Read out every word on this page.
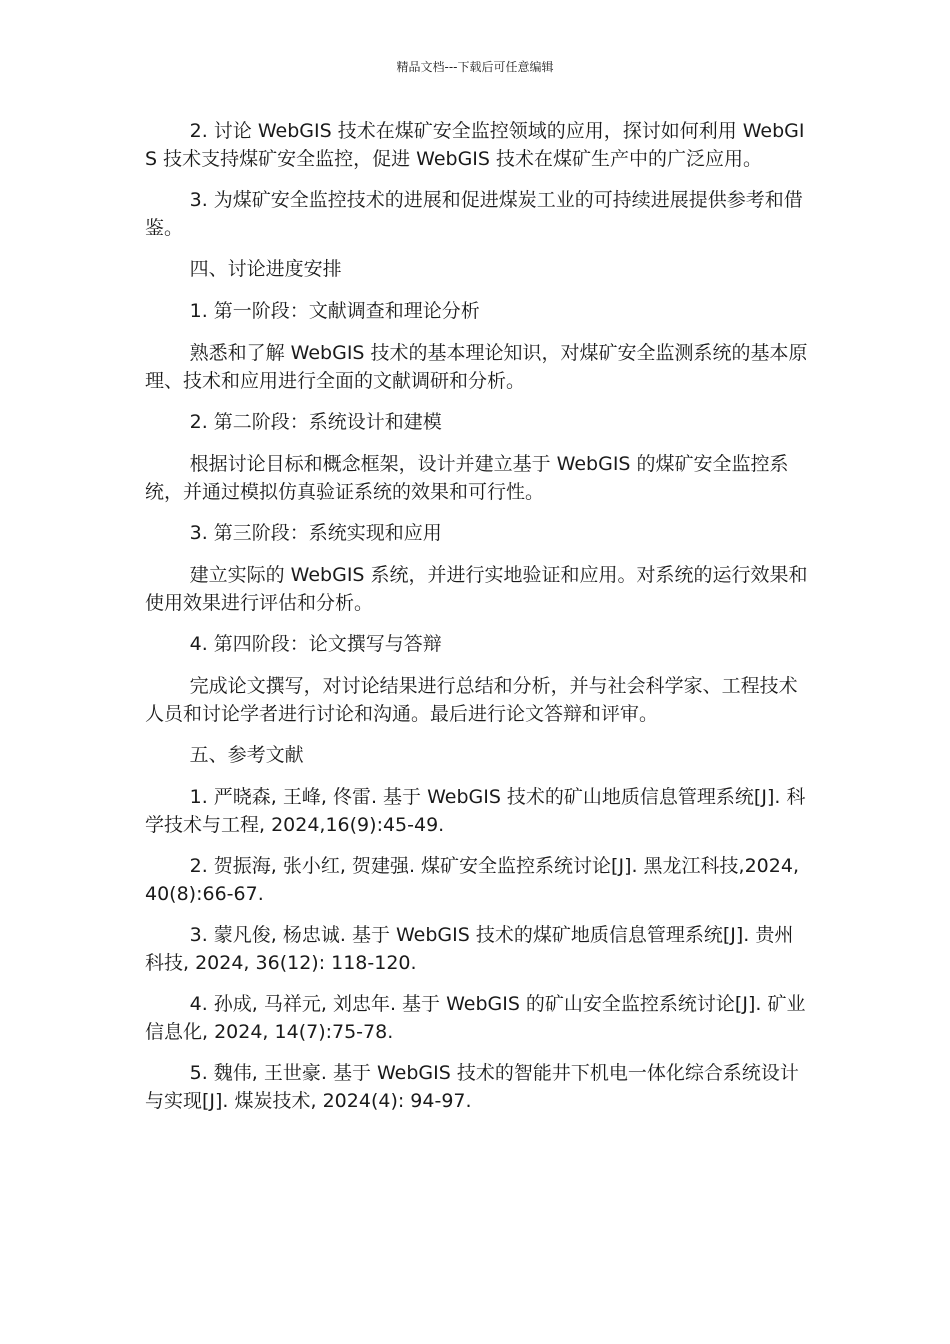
精品文档---下载后可任意编辑

2. 讨论 WebGIS 技术在煤矿安全监控领域的应用，探讨如何利用 WebGIS 技术支持煤矿安全监控，促进 WebGIS 技术在煤矿生产中的广泛应用。

3. 为煤矿安全监控技术的进展和促进煤炭工业的可持续进展提供参考和借鉴。

四、讨论进度安排

1. 第一阶段：文献调查和理论分析

熟悉和了解 WebGIS 技术的基本理论知识，对煤矿安全监测系统的基本原理、技术和应用进行全面的文献调研和分析。

2. 第二阶段：系统设计和建模

根据讨论目标和概念框架，设计并建立基于 WebGIS 的煤矿安全监控系统，并通过模拟仿真验证系统的效果和可行性。

3. 第三阶段：系统实现和应用

建立实际的 WebGIS 系统，并进行实地验证和应用。对系统的运行效果和使用效果进行评估和分析。

4. 第四阶段：论文撰写与答辩

完成论文撰写，对讨论结果进行总结和分析，并与社会科学家、工程技术人员和讨论学者进行讨论和沟通。最后进行论文答辩和评审。

五、参考文献

1. 严晓森, 王峰, 佟雷. 基于 WebGIS 技术的矿山地质信息管理系统[J]. 科学技术与工程, 2024,16(9):45-49.

2. 贺振海, 张小红, 贺建强. 煤矿安全监控系统讨论[J]. 黑龙江科技,2024, 40(8):66-67.

3. 蒙凡俊, 杨忠诚. 基于 WebGIS 技术的煤矿地质信息管理系统[J]. 贵州科技, 2024, 36(12): 118-120.

4. 孙成, 马祥元, 刘忠年. 基于 WebGIS 的矿山安全监控系统讨论[J]. 矿业信息化, 2024, 14(7):75-78.

5. 魏伟, 王世豪. 基于 WebGIS 技术的智能井下机电一体化综合系统设计与实现[J]. 煤炭技术, 2024(4): 94-97.
